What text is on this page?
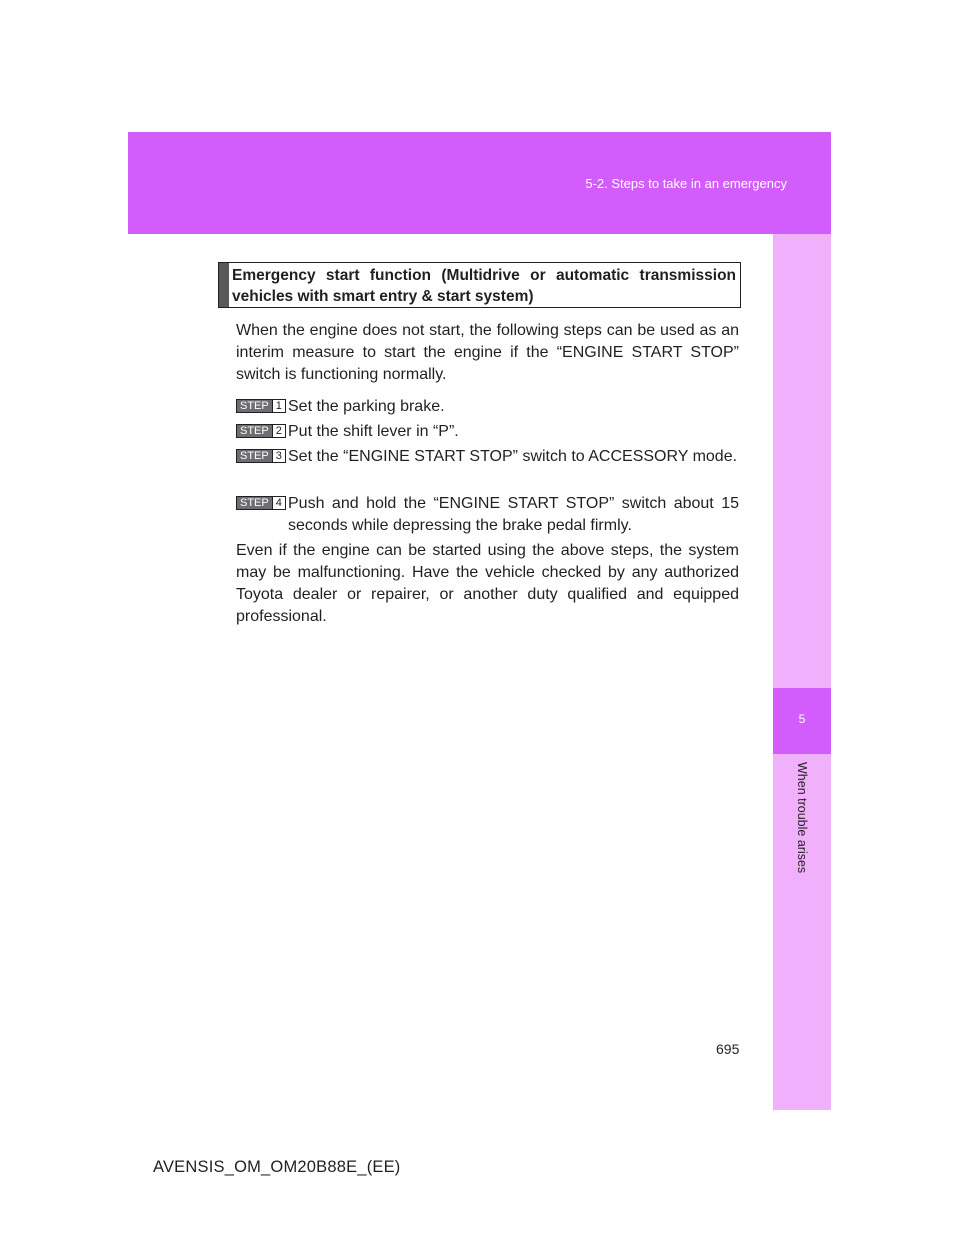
5-2. Steps to take in an emergency
5
When trouble arises
Emergency start function (Multidrive or automatic transmission vehicles with smart entry & start system)
When the engine does not start, the following steps can be used as an interim measure to start the engine if the “ENGINE START STOP” switch is functioning normally.
STEP 1 Set the parking brake.
STEP 2 Put the shift lever in “P”.
STEP 3 Set the “ENGINE START STOP” switch to ACCESSORY mode.
STEP 4 Push and hold the “ENGINE START STOP” switch about 15 seconds while depressing the brake pedal firmly.
Even if the engine can be started using the above steps, the system may be malfunctioning. Have the vehicle checked by any authorized Toyota dealer or repairer, or another duty qualified and equipped professional.
695
AVENSIS_OM_OM20B88E_(EE)
